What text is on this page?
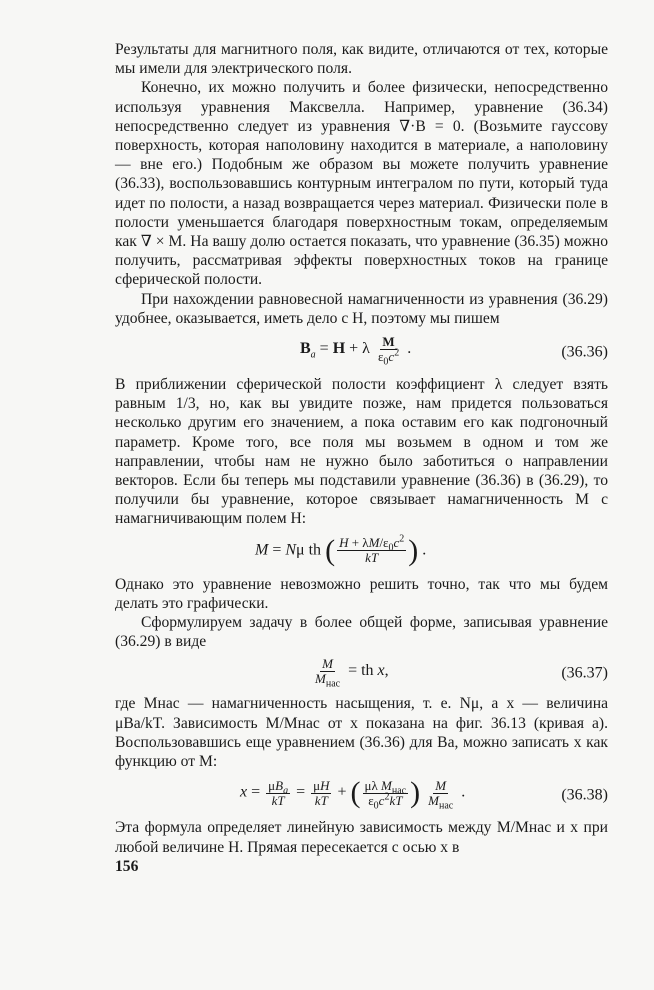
Результаты для магнитного поля, как видите, отличаются от тех, которые мы имели для электрического поля.

Конечно, их можно получить и более физически, непосредственно используя уравнения Максвелла. Например, уравнение (36.34) непосредственно следует из уравнения ∇·B = 0. (Возьмите гауссову поверхность, которая наполовину находится в материале, а наполовину — вне его.) Подобным же образом вы можете получить уравнение (36.33), воспользовавшись контурным интегралом по пути, который туда идет по полости, а назад возвращается через материал. Физически поле в полости уменьшается благодаря поверхностным токам, определяемым как ∇ × M. На вашу долю остается показать, что уравнение (36.35) можно получить, рассматривая эффекты поверхностных токов на границе сферической полости.

При нахождении равновесной намагниченности из уравнения (36.29) удобнее, оказывается, иметь дело с H, поэтому мы пишем

$B_a = H + \lambda \frac{M}{\varepsilon_0c^2}$ .	(36.36)

В приближении сферической полости коэффициент λ следует взять равным 1/3, но, как вы увидите позже, нам придется пользоваться несколько другим его значением, а пока оставим его как подгоночный параметр. Кроме того, все поля мы возьмем в одном и том же направлении, чтобы нам не нужно было заботиться о направлении векторов. Если бы теперь мы подставили уравнение (36.36) в (36.29), то получили бы уравнение, которое связывает намагниченность M с намагничивающим полем H:

M = Nμ th ( $\frac{H + \lambda M/\varepsilon_0c^2}{kT}$ ) .

Однако это уравнение невозможно решить точно, так что мы будем делать это графически.

Сформулируем задачу в более общей форме, записывая уравнение (36.29) в виде

$\frac{M}{M_{нас}}$ = th x,	(36.37)

где Mнас — намагниченность насыщения, т. е. Nμ, а x — величина μBa/kT. Зависимость M/Mнас от x показана на фиг. 36.13 (кривая a). Воспользовавшись еще уравнением (36.36) для Ba, можно записать x как функцию от M:

$x = \frac{\mu B_a}{kT} = \frac{\mu H}{kT}$ + ( $\frac{\mu\lambda M_{нас}}{\varepsilon_0c^2kT}$ ) $\frac{M}{M_{нас}}$ .	(36.38)

Эта формула определяет линейную зависимость между M/Mнас и x при любой величине H. Прямая пересекается с осью x в

156
